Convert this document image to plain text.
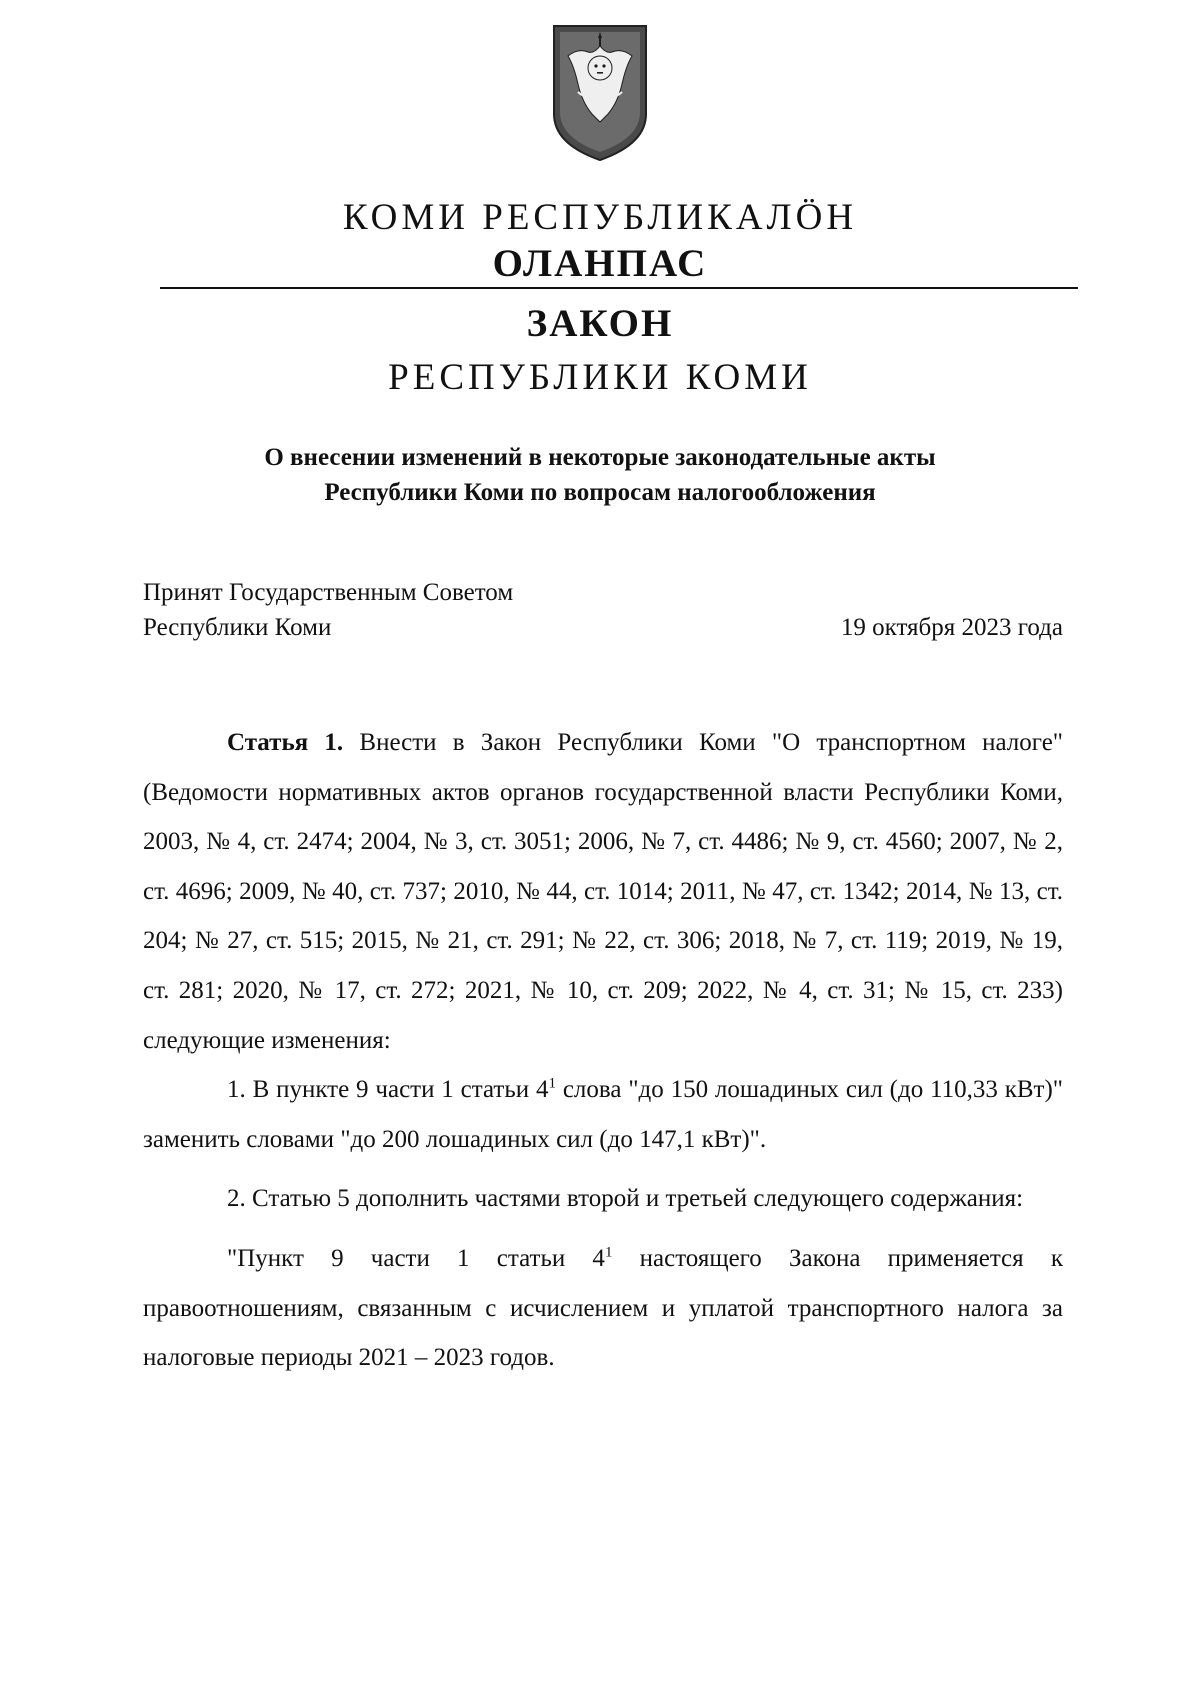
КОМИ РЕСПУБЛИКАЛÖН
ОЛАНПАС
ЗАКОН
РЕСПУБЛИКИ КОМИ
О внесении изменений в некоторые законодательные акты
Республики Коми по вопросам налогообложения
Принят Государственным Советом
Республики Коми	19 октября 2023 года

Статья 1. Внести в Закон Республики Коми "О транспортном налоге" (Ведомости нормативных актов органов государственной власти Республики Коми, 2003, № 4, ст. 2474; 2004, № 3, ст. 3051; 2006, № 7, ст. 4486; № 9, ст. 4560; 2007, № 2, ст. 4696; 2009, № 40, ст. 737; 2010, № 44, ст. 1014; 2011, № 47, ст. 1342; 2014, № 13, ст. 204; № 27, ст. 515; 2015, № 21, ст. 291; № 22, ст. 306; 2018, № 7, ст. 119; 2019, № 19, ст. 281; 2020, № 17, ст. 272; 2021, № 10, ст. 209; 2022, № 4, ст. 31; № 15, ст. 233) следующие изменения:

1. В пункте 9 части 1 статьи $4^1$ слова "до 150 лошадиных сил (до 110,33 кВт)" заменить словами "до 200 лошадиных сил (до 147,1 кВт)".

2. Статью 5 дополнить частями второй и третьей следующего содержания:

"Пункт 9 части 1 статьи $4^1$ настоящего Закона применяется к правоотношениям, связанным с исчислением и уплатой транспортного налога за налоговые периоды 2021 – 2023 годов.
